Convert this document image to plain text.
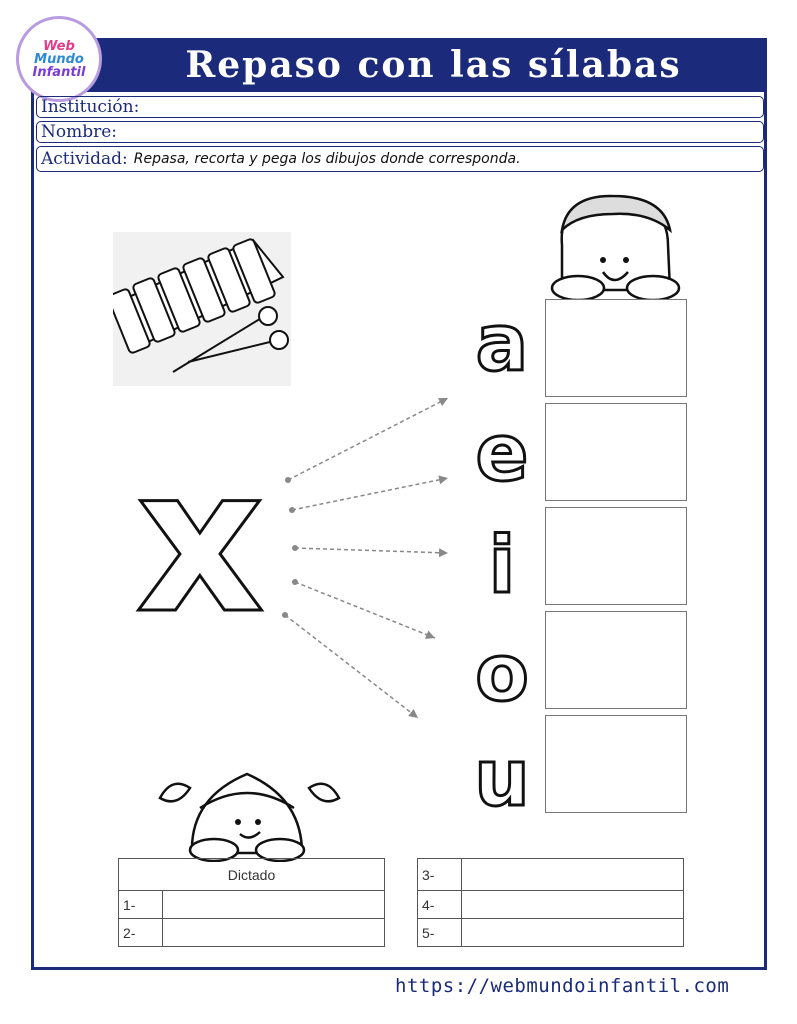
Repaso con las sílabas
Web
Mundo
Infantil
Institución:
Nombre:
Actividad: Repasa, recorta y pega los dibujos donde corresponda.
x
a
e
i
o
u
Dictado	
1-	
2-	
3-	
4-	
5-	
https://webmundoinfantil.com
